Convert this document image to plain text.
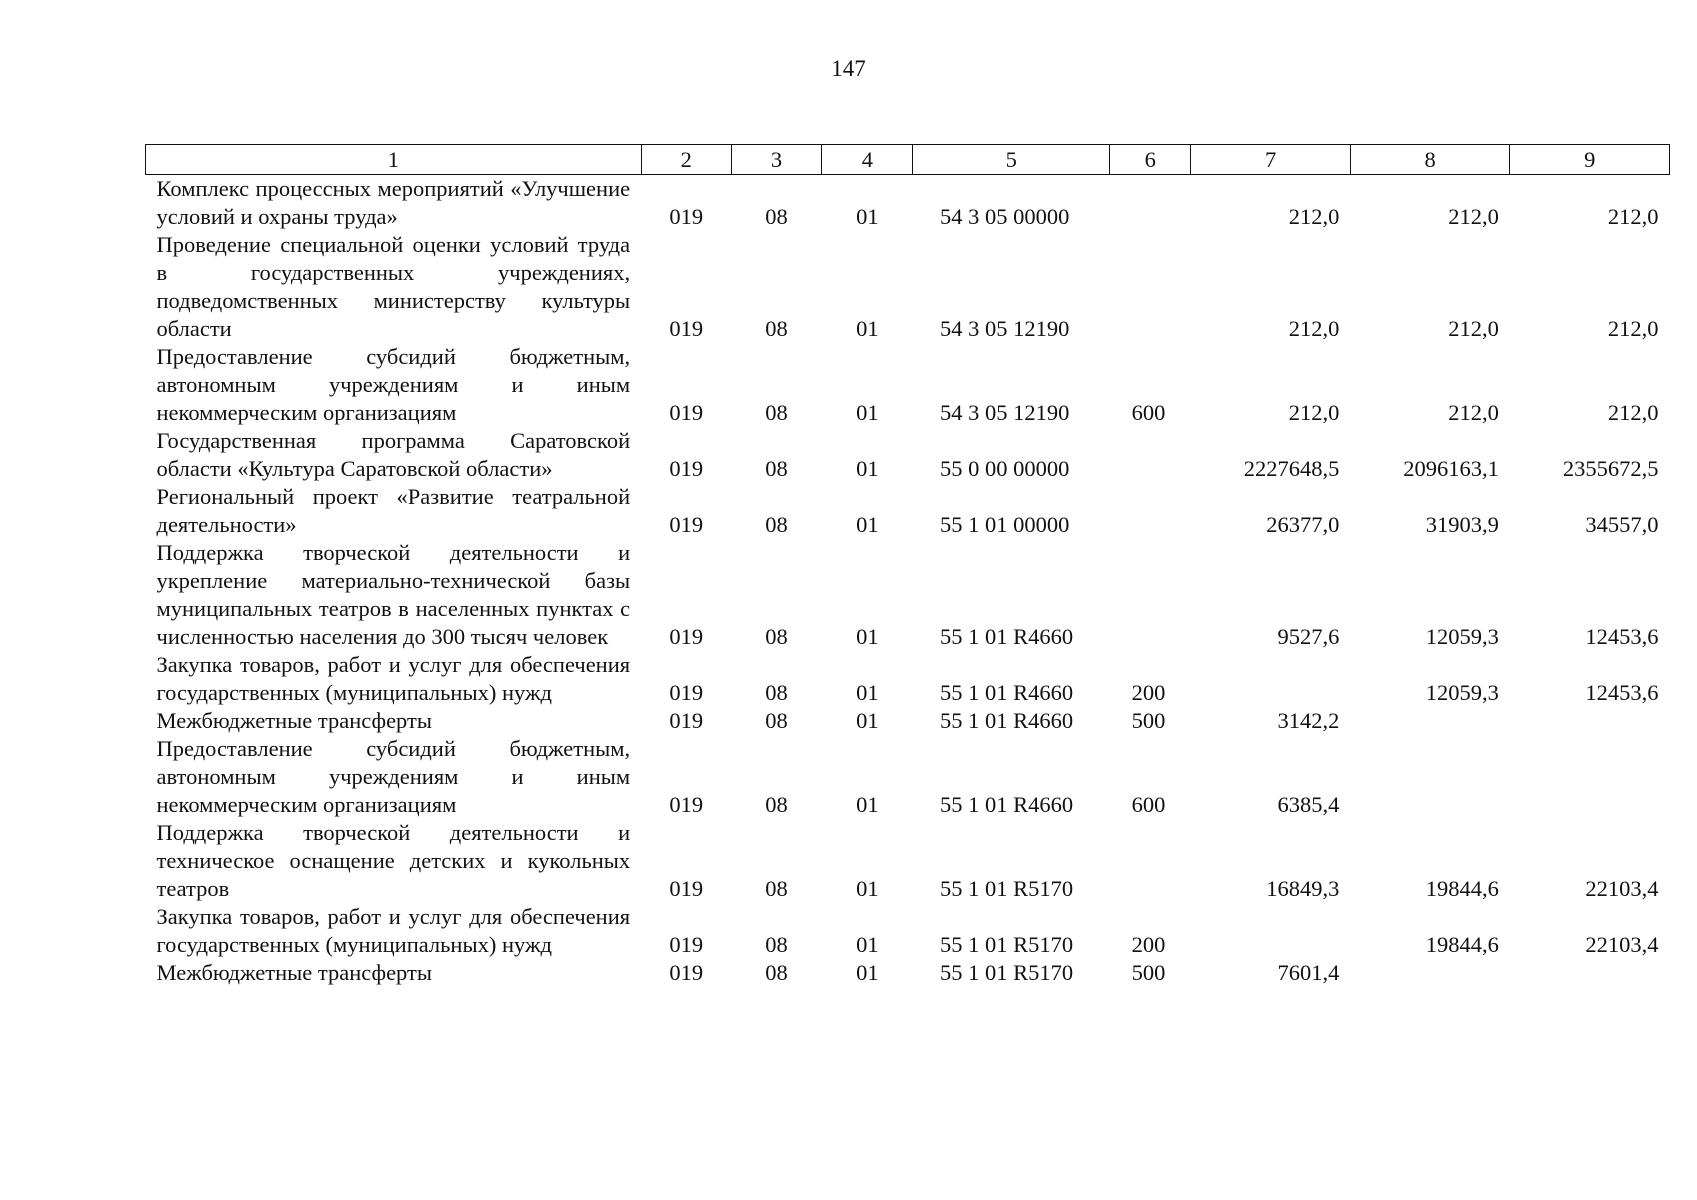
147
1	2	3	4	5	6	7	8	9
Комплекс процессных мероприятий «Улучшение условий и охраны труда»	019	08	01	54 3 05 00000		212,0	212,0	212,0
Проведение специальной оценки условий труда в государственных учреждениях, подведомственных министерству культуры области	019	08	01	54 3 05 12190		212,0	212,0	212,0
Предоставление субсидий бюджетным, автономным учреждениям и иным некоммерческим организациям	019	08	01	54 3 05 12190	600	212,0	212,0	212,0
Государственная программа Саратовской области «Культура Саратовской области»	019	08	01	55 0 00 00000		2227648,5	2096163,1	2355672,5
Региональный проект «Развитие театральной деятельности»	019	08	01	55 1 01 00000		26377,0	31903,9	34557,0
Поддержка творческой деятельности и укрепление материально-технической базы муниципальных театров в населенных пунктах с численностью населения до 300 тысяч человек	019	08	01	55 1 01 R4660		9527,6	12059,3	12453,6
Закупка товаров, работ и услуг для обеспечения государственных (муниципальных) нужд	019	08	01	55 1 01 R4660	200		12059,3	12453,6
Межбюджетные трансферты	019	08	01	55 1 01 R4660	500	3142,2		
Предоставление субсидий бюджетным, автономным учреждениям и иным некоммерческим организациям	019	08	01	55 1 01 R4660	600	6385,4		
Поддержка творческой деятельности и техническое оснащение детских и кукольных театров	019	08	01	55 1 01 R5170		16849,3	19844,6	22103,4
Закупка товаров, работ и услуг для обеспечения государственных (муниципальных) нужд	019	08	01	55 1 01 R5170	200		19844,6	22103,4
Межбюджетные трансферты	019	08	01	55 1 01 R5170	500	7601,4		
